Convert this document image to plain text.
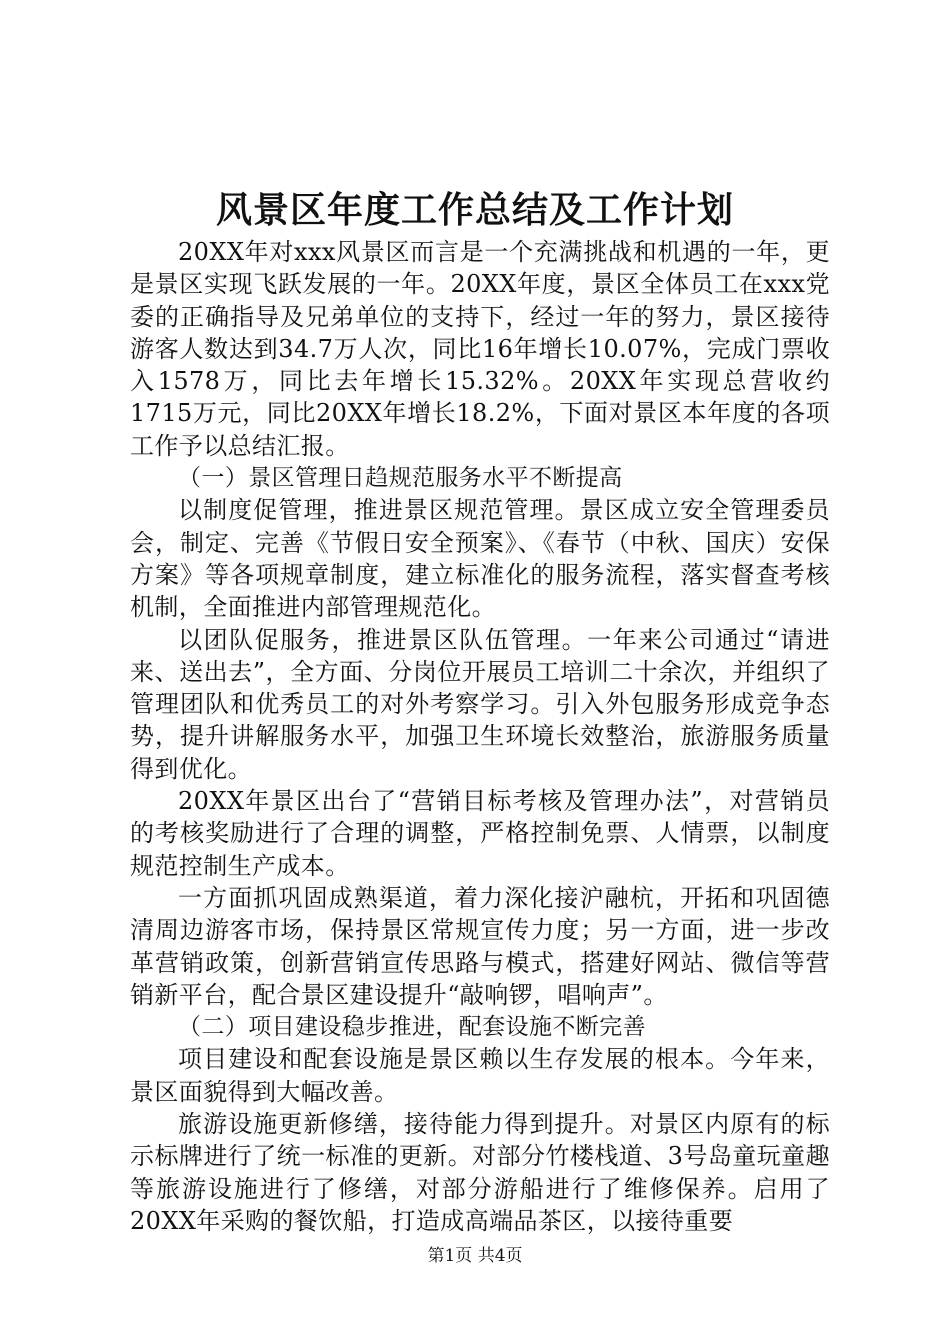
风景区年度工作总结及工作计划

20XX年对xxx风景区而言是一个充满挑战和机遇的一年，更是景区实现飞跃发展的一年。20XX年度，景区全体员工在xxx党委的正确指导及兄弟单位的支持下，经过一年的努力，景区接待游客人数达到34.7万人次，同比16年增长10.07%，完成门票收入1578万，同比去年增长15.32%。20XX年实现总营收约1715万元，同比20XX年增长18.2%，下面对景区本年度的各项工作予以总结汇报。

（一）景区管理日趋规范服务水平不断提高

以制度促管理，推进景区规范管理。景区成立安全管理委员会，制定、完善《节假日安全预案》、《春节（中秋、国庆）安保方案》等各项规章制度，建立标准化的服务流程，落实督查考核机制，全面推进内部管理规范化。

以团队促服务，推进景区队伍管理。一年来公司通过“请进来、送出去”，全方面、分岗位开展员工培训二十余次，并组织了管理团队和优秀员工的对外考察学习。引入外包服务形成竞争态势，提升讲解服务水平，加强卫生环境长效整治，旅游服务质量得到优化。

20XX年景区出台了“营销目标考核及管理办法”，对营销员的考核奖励进行了合理的调整，严格控制免票、人情票，以制度规范控制生产成本。

一方面抓巩固成熟渠道，着力深化接沪融杭，开拓和巩固德清周边游客市场，保持景区常规宣传力度；另一方面，进一步改革营销政策，创新营销宣传思路与模式，搭建好网站、微信等营销新平台，配合景区建设提升“敲响锣，唱响声”。

（二）项目建设稳步推进，配套设施不断完善

项目建设和配套设施是景区赖以生存发展的根本。今年来，景区面貌得到大幅改善。

旅游设施更新修缮，接待能力得到提升。对景区内原有的标示标牌进行了统一标准的更新。对部分竹楼栈道、3号岛童玩童趣等旅游设施进行了修缮，对部分游船进行了维修保养。启用了20XX年采购的餐饮船，打造成高端品茶区，以接待重要

第1页 共4页
